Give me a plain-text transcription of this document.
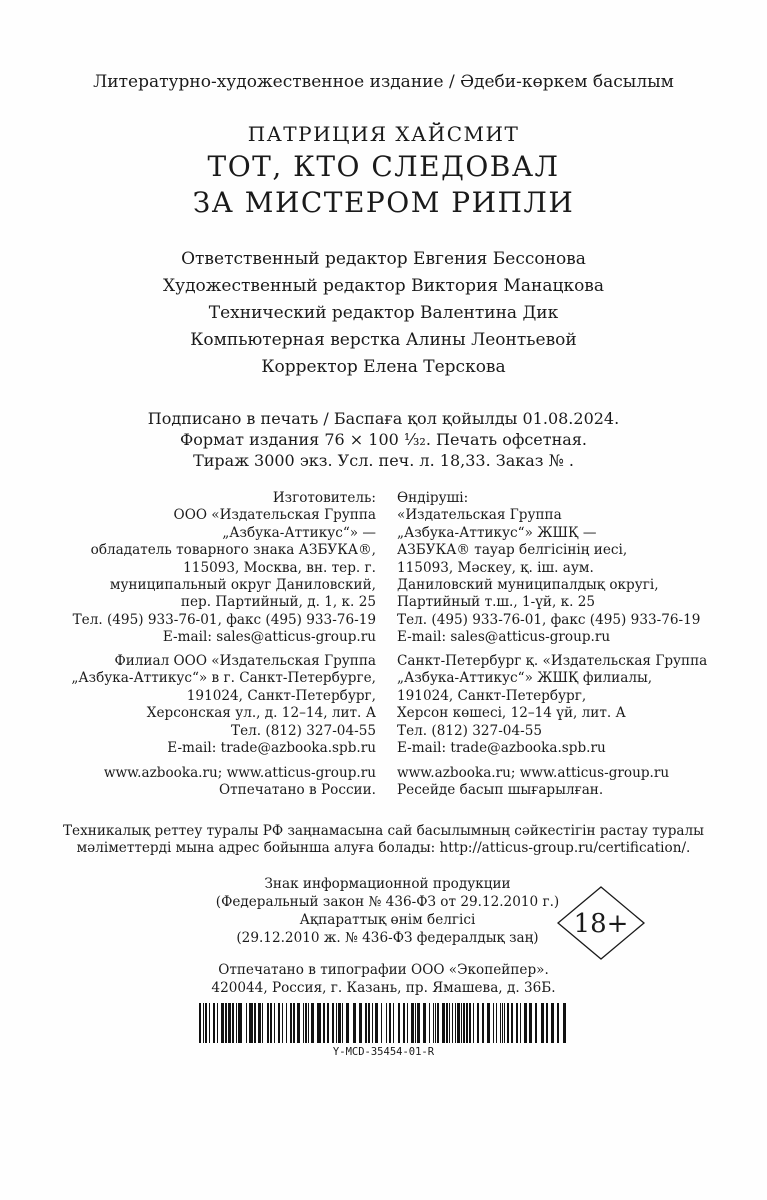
Литературно-художественное издание / Әдеби-көркем басылым
ПАТРИЦИЯ ХАЙСМИТ
ТОТ, КТО СЛЕДОВАЛ
ЗА МИСТЕРОМ РИПЛИ
Ответственный редактор Евгения Бессонова
Художественный редактор Виктория Манацкова
Технический редактор Валентина Дик
Компьютерная верстка Алины Леонтьевой
Корректор Елена Терскова
Подписано в печать / Баспаға қол қойылды 01.08.2024.
Формат издания 76 × 100 ¹⁄₃₂. Печать офсетная.
Тираж 3000 экз. Усл. печ. л. 18,33. Заказ № .
Изготовитель:
ООО «Издательская Группа
„Азбука-Аттикус“» —
обладатель товарного знака АЗБУКА®,
115093, Москва, вн. тер. г.
муниципальный округ Даниловский,
пер. Партийный, д. 1, к. 25
Тел. (495) 933-76-01, факс (495) 933-76-19
E-mail: sales@atticus-group.ru
Өндіруші:
«Издательская Группа
„Азбука-Аттикус“» ЖШҚ —
АЗБУКА® тауар белгісінің иесі,
115093, Мәскеу, қ. іш. аум.
Даниловский муниципалдық округі,
Партийный т.ш., 1-үй, к. 25
Тел. (495) 933-76-01, факс (495) 933-76-19
E-mail: sales@atticus-group.ru
Филиал ООО «Издательская Группа
„Азбука-Аттикус“» в г. Санкт-Петербурге,
191024, Санкт-Петербург,
Херсонская ул., д. 12–14, лит. А
Тел. (812) 327-04-55
E-mail: trade@azbooka.spb.ru
Санкт-Петербург қ. «Издательская Группа
„Азбука-Аттикус“» ЖШҚ филиалы,
191024, Санкт-Петербург,
Херсон көшесі, 12–14 үй, лит. А
Тел. (812) 327-04-55
E-mail: trade@azbooka.spb.ru
www.azbooka.ru; www.atticus-group.ru
Отпечатано в России.
www.azbooka.ru; www.atticus-group.ru
Ресейде басып шығарылған.
Техникалық реттеу туралы РФ заңнамасына сай басылымның сәйкестігін растау туралы
мәліметтерді мына адрес бойынша алуға болады: http://atticus-group.ru/certification/.
Знак информационной продукции
(Федеральный закон № 436-ФЗ от 29.12.2010 г.)
Ақпараттық өнім белгісі
(29.12.2010 ж. № 436-ФЗ федералдық заң)	18+
Отпечатано в типографии ООО «Экопейпер».
420044, Россия, г. Казань, пр. Ямашева, д. 36Б.
Y-MCD-35454-01-R
